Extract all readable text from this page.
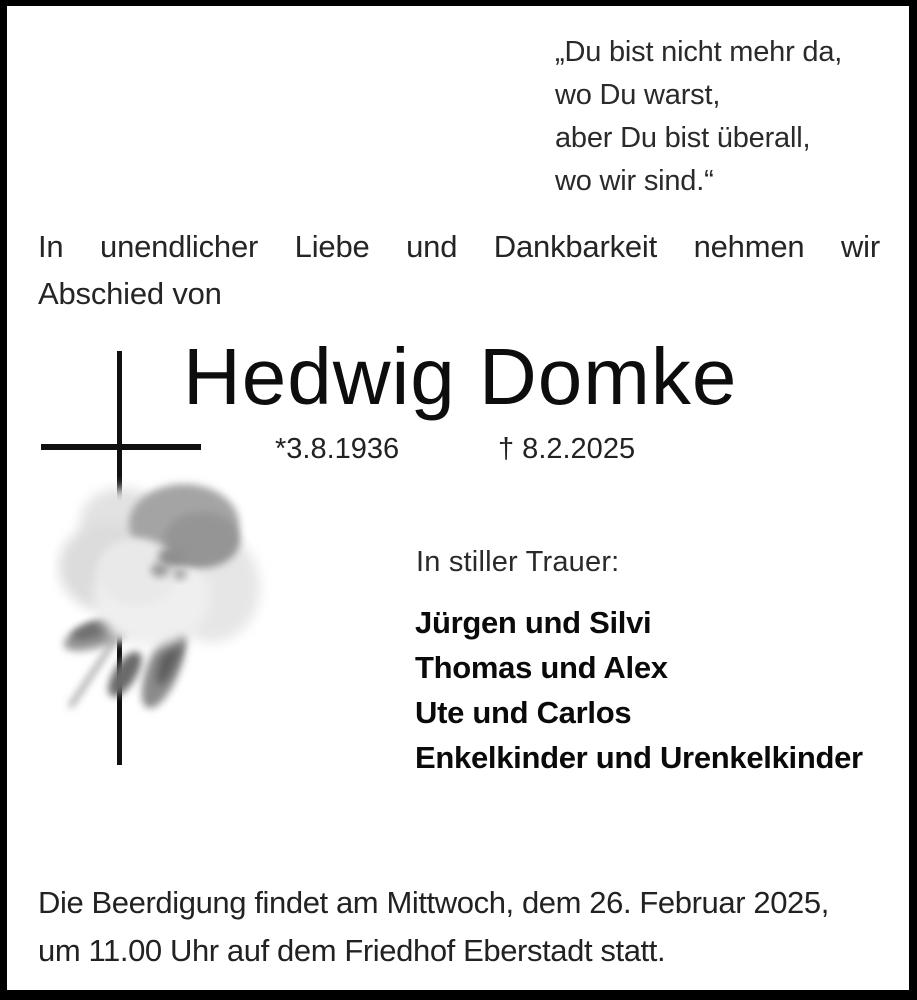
„Du bist nicht mehr da,
wo Du warst,
aber Du bist überall,
wo wir sind.“
In unendlicher Liebe und Dankbarkeit nehmen wir
Abschied von
Hedwig Domke
*3.8.1936	† 8.2.2025
In stiller Trauer:
Jürgen und Silvi
Thomas und Alex
Ute und Carlos
Enkelkinder und Urenkelkinder
Die Beerdigung findet am Mittwoch, dem 26. Februar 2025,
um 11.00 Uhr auf dem Friedhof Eberstadt statt.
